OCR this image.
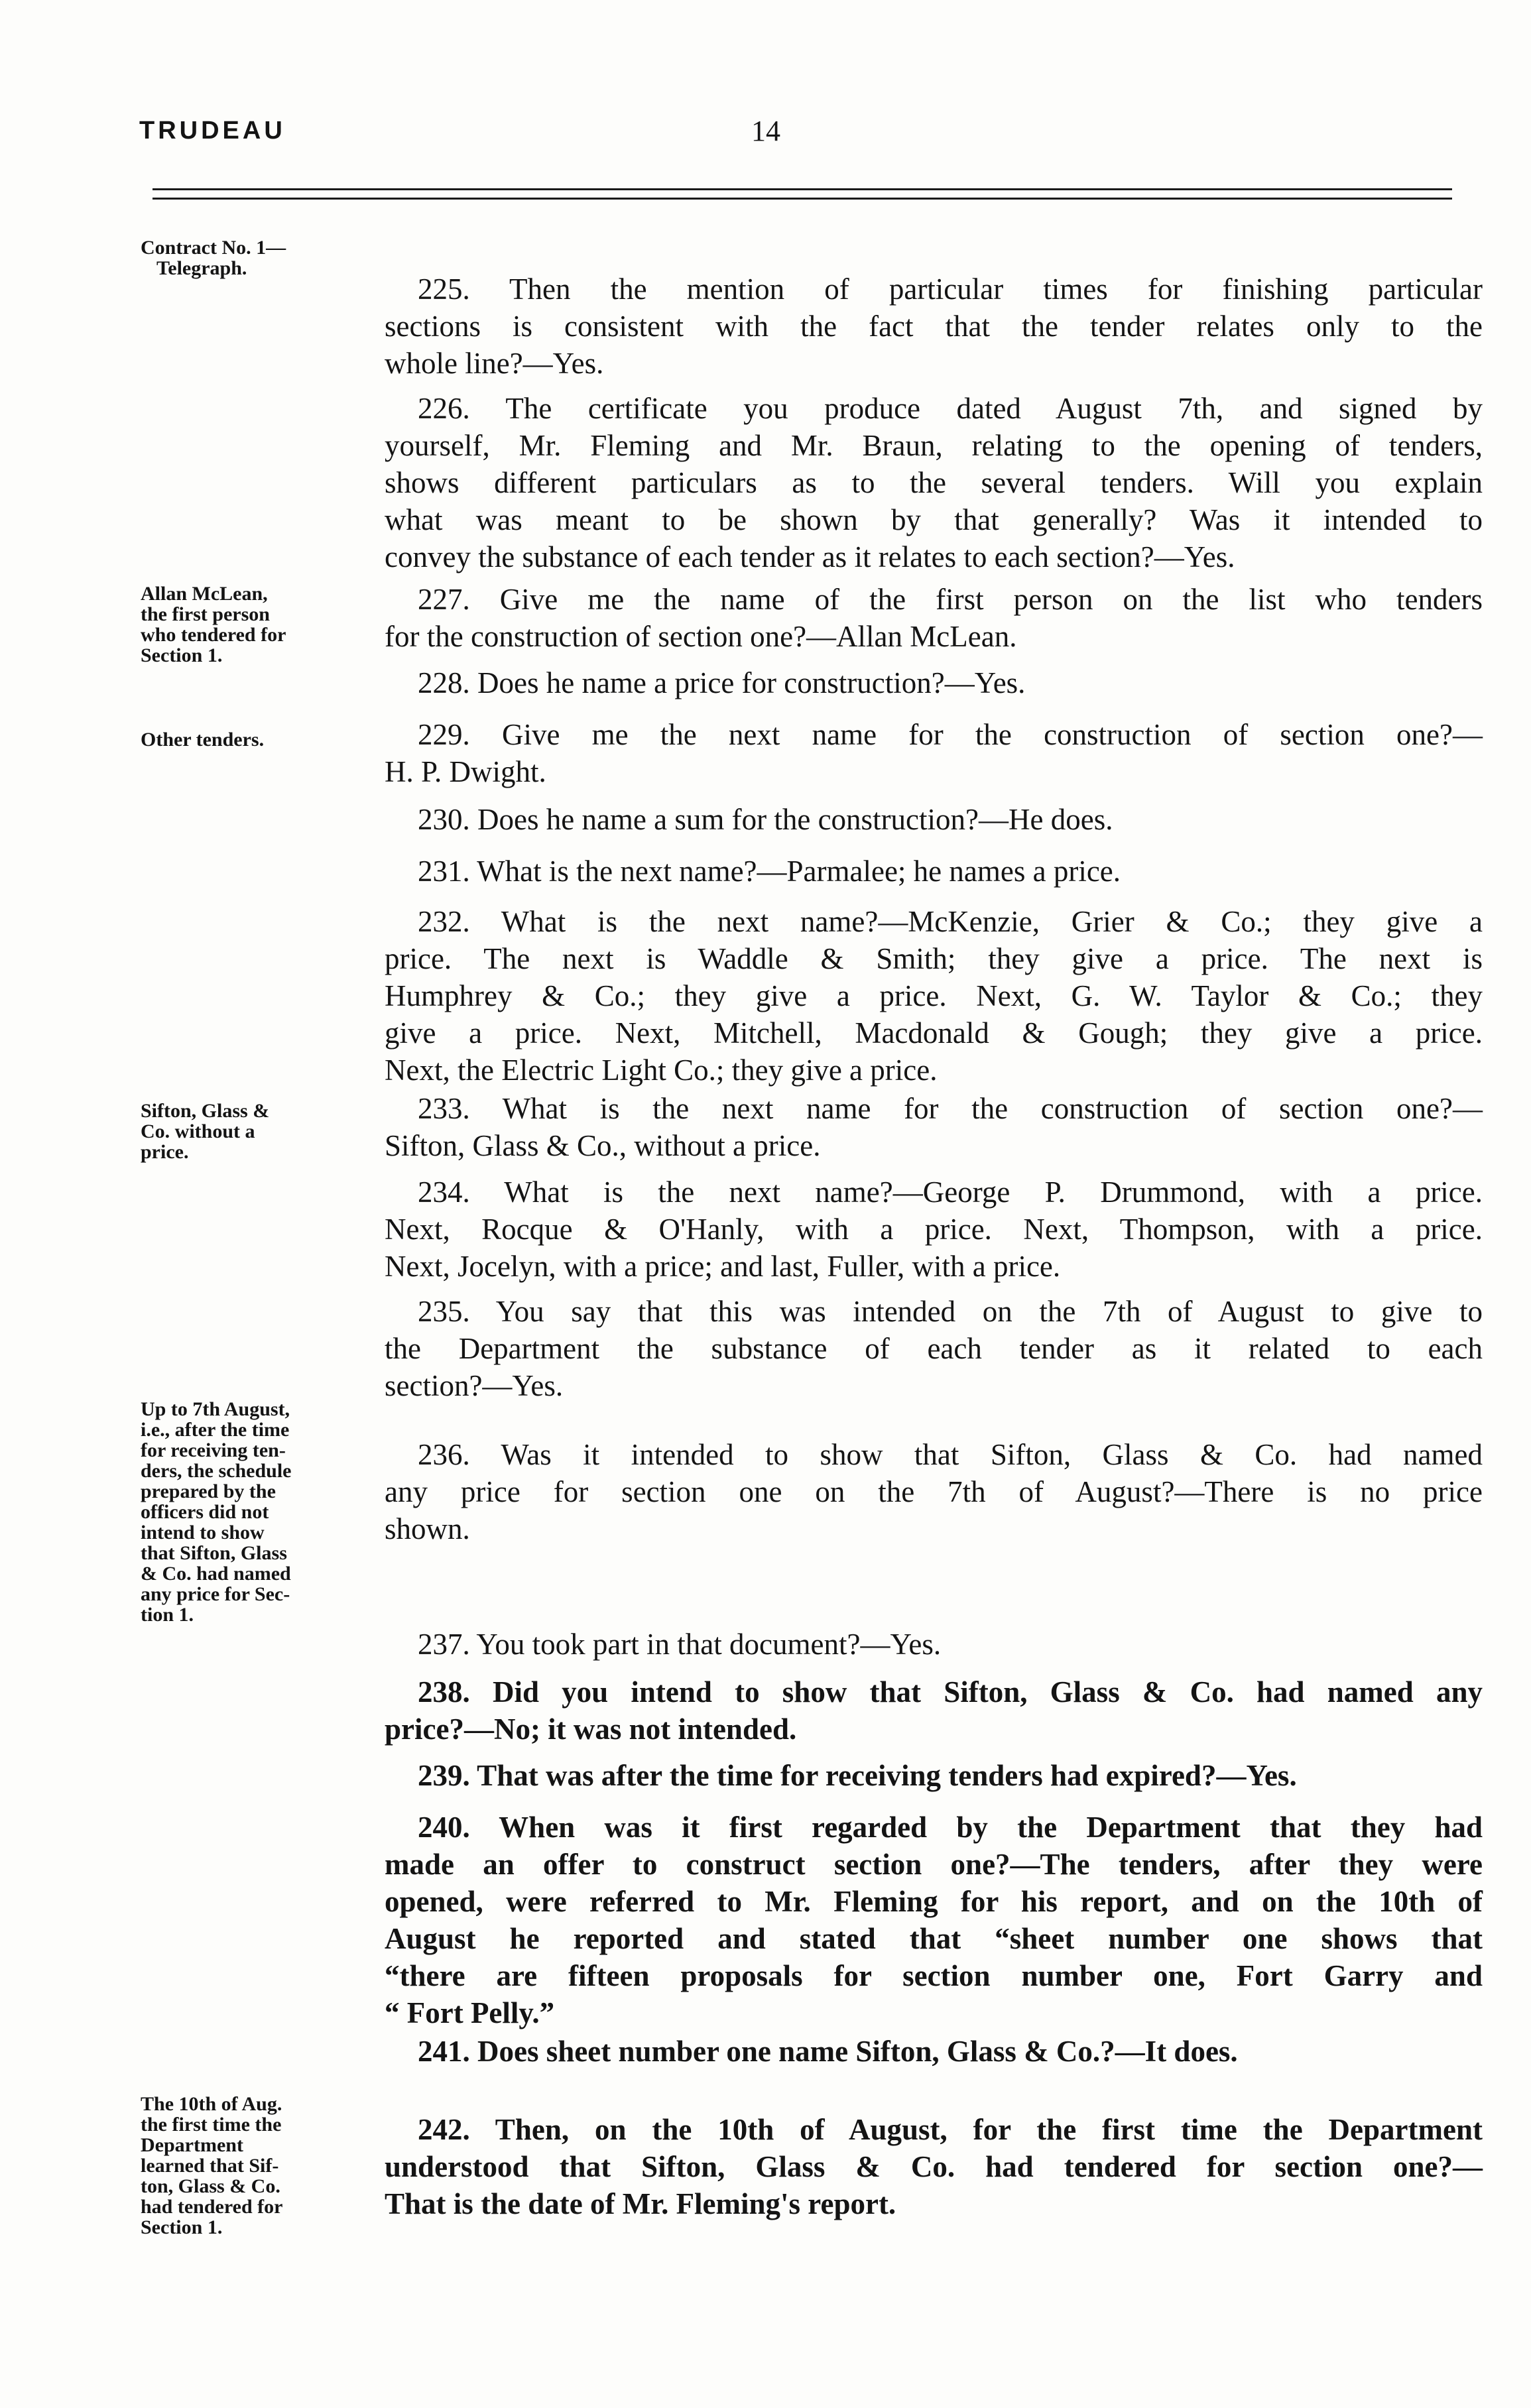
TRUDEAU	14
Contract No. 1—
Telegraph.
Allan McLean,
the first person
who tendered for
Section 1.
Other tenders.
Sifton, Glass &
Co. without a
price.
Up to 7th August,
i.e., after the time
for receiving ten-
ders, the schedule
prepared by the
officers did not
intend to show
that Sifton, Glass
& Co. had named
any price for Sec-
tion 1.
The 10th of Aug.
the first time the
Department
learned that Sif-
ton, Glass & Co.
had tendered for
Section 1.
225. Then the mention of particular times for finishing particular
sections is consistent with the fact that the tender relates only to the
whole line?—Yes.
226. The certificate you produce dated August 7th, and signed by
yourself, Mr. Fleming and Mr. Braun, relating to the opening of tenders,
shows different particulars as to the several tenders. Will you explain
what was meant to be shown by that generally? Was it intended to
convey the substance of each tender as it relates to each section?—Yes.
227. Give me the name of the first person on the list who tenders
for the construction of section one?—Allan McLean.
228. Does he name a price for construction?—Yes.
229. Give me the next name for the construction of section one?—
H. P. Dwight.
230. Does he name a sum for the construction?—He does.
231. What is the next name?—Parmalee; he names a price.
232. What is the next name?—McKenzie, Grier & Co.; they give a
price. The next is Waddle & Smith; they give a price. The next is
Humphrey & Co.; they give a price. Next, G. W. Taylor & Co.; they
give a price. Next, Mitchell, Macdonald & Gough; they give a price.
Next, the Electric Light Co.; they give a price.
233. What is the next name for the construction of section one?—
Sifton, Glass & Co., without a price.
234. What is the next name?—George P. Drummond, with a price.
Next, Rocque & O'Hanly, with a price. Next, Thompson, with a price.
Next, Jocelyn, with a price; and last, Fuller, with a price.
235. You say that this was intended on the 7th of August to give to
the Department the substance of each tender as it related to each
section?—Yes.
236. Was it intended to show that Sifton, Glass & Co. had named
any price for section one on the 7th of August?—There is no price
shown.
237. You took part in that document?—Yes.
238. Did you intend to show that Sifton, Glass & Co. had named any
price?—No; it was not intended.
239. That was after the time for receiving tenders had expired?—Yes.
240. When was it first regarded by the Department that they had
made an offer to construct section one?—The tenders, after they were
opened, were referred to Mr. Fleming for his report, and on the 10th of
August he reported and stated that “sheet number one shows that
“there are fifteen proposals for section number one, Fort Garry and
“ Fort Pelly.”
241. Does sheet number one name Sifton, Glass & Co.?—It does.
242. Then, on the 10th of August, for the first time the Department
understood that Sifton, Glass & Co. had tendered for section one?—
That is the date of Mr. Fleming's report.
